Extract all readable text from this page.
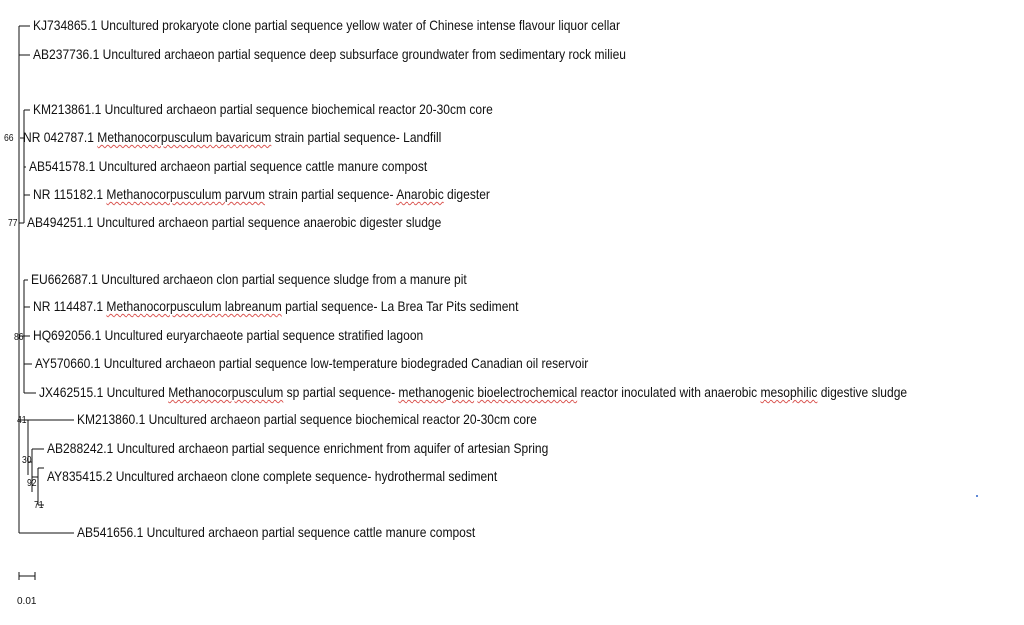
KJ734865.1 Uncultured prokaryote clone partial sequence yellow water of Chinese intense flavour liquor cellar
AB237736.1 Uncultured archaeon partial sequence deep subsurface groundwater from sedimentary rock milieu
KM213861.1 Uncultured archaeon partial sequence biochemical reactor 20-30cm core
NR 042787.1 Methanocorpusculum bavaricum strain partial sequence- Landfill
AB541578.1 Uncultured archaeon partial sequence cattle manure compost
NR 115182.1 Methanocorpusculum parvum strain partial sequence- Anarobic digester
AB494251.1 Uncultured archaeon partial sequence anaerobic digester sludge
EU662687.1 Uncultured archaeon clon partial sequence sludge from a manure pit
NR 114487.1 Methanocorpusculum labreanum partial sequence- La Brea Tar Pits sediment
HQ692056.1 Uncultured euryarchaeote partial sequence stratified lagoon
AY570660.1 Uncultured archaeon partial sequence low-temperature biodegraded Canadian oil reservoir
JX462515.1 Uncultured Methanocorpusculum sp partial sequence- methanogenic bioelectrochemical reactor inoculated with anaerobic mesophilic digestive sludge
KM213860.1 Uncultured archaeon partial sequence biochemical reactor 20-30cm core
AB288242.1 Uncultured archaeon partial sequence enrichment from aquifer of artesian Spring
AY835415.2 Uncultured archaeon clone complete sequence- hydrothermal sediment
AB541656.1 Uncultured archaeon partial sequence cattle manure compost
66
77
86
41
30
92
71
0.01
